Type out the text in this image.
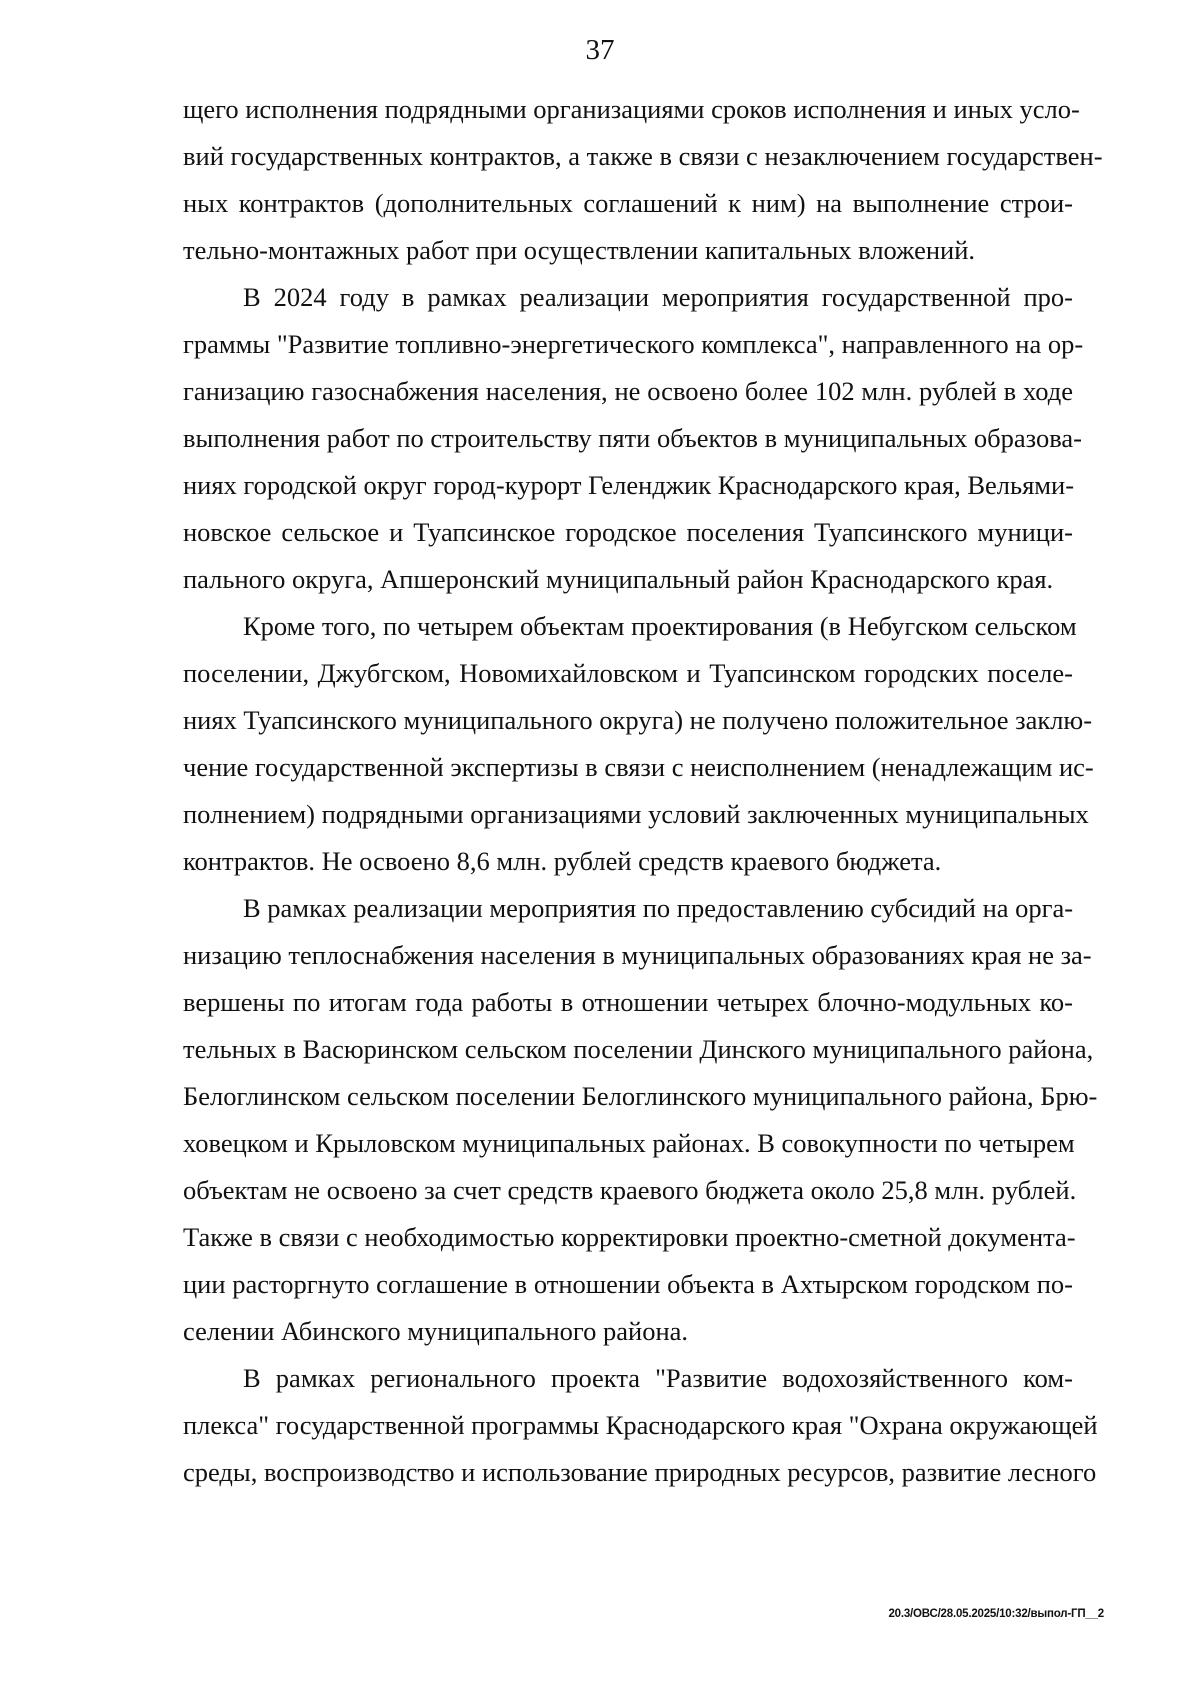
37
щего исполнения подрядными организациями сроков исполнения и иных усло-
вий государственных контрактов, а также в связи с незаключением государствен-
ных контрактов (дополнительных соглашений к ним) на выполнение строи-
тельно-монтажных работ при осуществлении капитальных вложений.
В 2024 году в рамках реализации мероприятия государственной про-
граммы "Развитие топливно-энергетического комплекса", направленного на ор-
ганизацию газоснабжения населения, не освоено более 102 млн. рублей в ходе
выполнения работ по строительству пяти объектов в муниципальных образова-
ниях городской округ город-курорт Геленджик Краснодарского края, Вельями-
новское сельское и Туапсинское городское поселения Туапсинского муници-
пального округа, Апшеронский муниципальный район Краснодарского края.
Кроме того, по четырем объектам проектирования (в Небугском сельском
поселении, Джубгском, Новомихайловском и Туапсинском городских поселе-
ниях Туапсинского муниципального округа) не получено положительное заклю-
чение государственной экспертизы в связи с неисполнением (ненадлежащим ис-
полнением) подрядными организациями условий заключенных муниципальных
контрактов. Не освоено 8,6 млн. рублей средств краевого бюджета.
В рамках реализации мероприятия по предоставлению субсидий на орга-
низацию теплоснабжения населения в муниципальных образованиях края не за-
вершены по итогам года работы в отношении четырех блочно-модульных ко-
тельных в Васюринском сельском поселении Динского муниципального района,
Белоглинском сельском поселении Белоглинского муниципального района, Брю-
ховецком и Крыловском муниципальных районах. В совокупности по четырем
объектам не освоено за счет средств краевого бюджета около 25,8 млн. рублей.
Также в связи с необходимостью корректировки проектно-сметной документа-
ции расторгнуто соглашение в отношении объекта в Ахтырском городском по-
селении Абинского муниципального района.
В рамках регионального проекта "Развитие водохозяйственного ком-
плекса" государственной программы Краснодарского края "Охрана окружающей
среды, воспроизводство и использование природных ресурсов, развитие лесного
20.3/ОВС/28.05.2025/10:32/выпол-ГП__2
